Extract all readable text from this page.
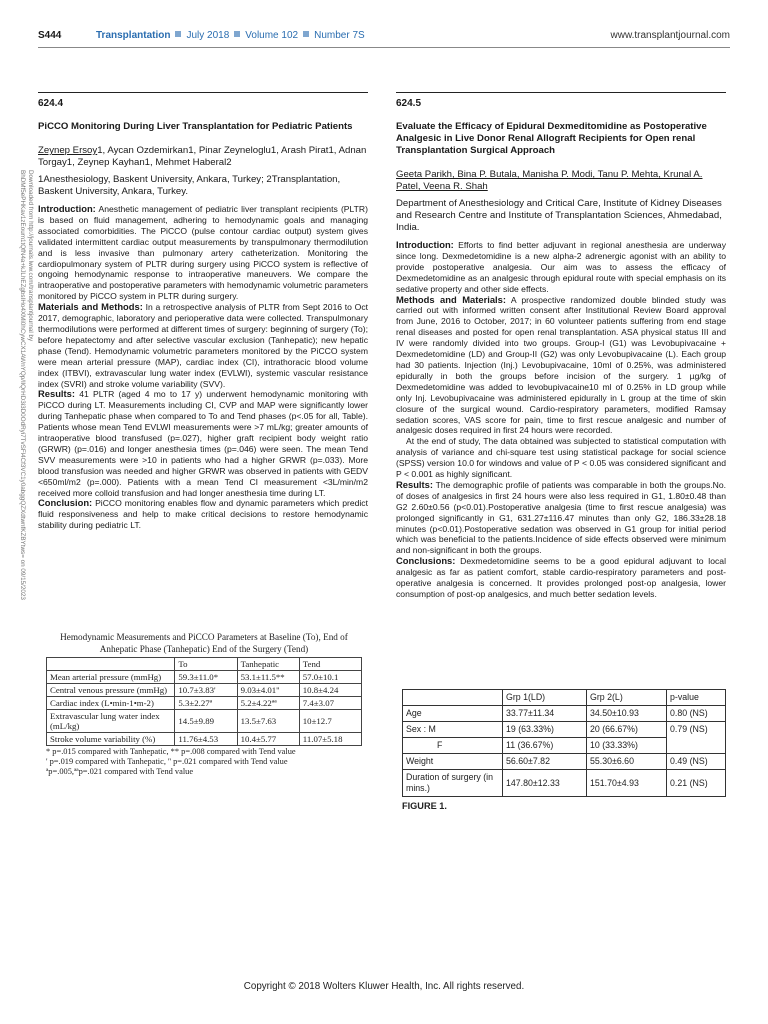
S444	Transplantation July 2018 Volume 102 Number 7S	www.transplantjournal.com
Downloaded from http://journals.lww.com/transplantjournal by BhDMf5ePHKav1zEoum1tQfN4a+kJLhEZgbsIHo4XMi0hCywCX1AWnYQp/IlQrHD3i3D0OdRyi7TvSFl4Cf3VC1y0abggQZXdtwnfKZBYtws= on 09/15/2023
624.4
PiCCO Monitoring During Liver Transplantation for Pediatric Patients
Zeynep Ersoy1, Aycan Ozdemirkan1, Pinar Zeyneloglu1, Arash Pirat1, Adnan Torgay1, Zeynep Kayhan1, Mehmet Haberal2
1Anesthesiology, Baskent University, Ankara, Turkey; 2Transplantation, Baskent University, Ankara, Turkey.

Introduction: Anesthetic management of pediatric liver transplant recipients (PLTR) is based on fluid management, adhering to hemodynamic goals and managing associated comorbidities. The PiCCO (pulse contour cardiac output) system gives validated intermittent cardiac output measurements by transpulmonary thermodilution and is less invasive than pulmonary artery catheterization. Monitoring the cardiopulmonary system of PLTR during surgery using PiCCO system is reflective of ongoing hemodynamic response to intraoperative maneuvers. We compare the intraoperative and postoperative parameters with hemodynamic volumetric parameters monitored by PiCCO system in PLTR during surgery.

Materials and Methods: In a retrospective analysis of PLTR from Sept 2016 to Oct 2017, demographic, laboratory and perioperative data were collected. Transpulmonary thermodilutions were performed at different times of surgery: beginning of surgery (To); before hepatectomy and after selective vascular exclusion (Tanhepatic); new hepatic phase (Tend). Hemodynamic volumetric parameters monitored by the PiCCO system were mean arterial pressure (MAP), cardiac index (CI), intrathoracic blood volume index (ITBVI), extravascular lung water index (EVLWI), systemic vascular resistance index (SVRI) and stroke volume variability (SVV).

Results: 41 PLTR (aged 4 mo to 17 y) underwent hemodynamic monitoring with PiCCO during LT. Measurements including CI, CVP and MAP were significantly lower during Tanhepatic phase when compared to To and Tend phases (p<.05 for all, Table). Patients whose mean Tend EVLWI measurements were >7 mL/kg; greater amounts of intraoperative blood transfused (p=.027), higher graft recipient body weight ratio (GRWR) (p=.016) and longer anesthesia times (p=.046) were seen. The mean Tend SVV measurements were >10 in patients who had a higher GRWR (p=.033). More blood transfusion was needed and higher GRWR was observed in patients with GEDV <650ml/m2 (p=.000). Patients with a mean Tend CI measurement <3L/min/m2 received more colloid transfusion and had longer anesthesia time during LT.

Conclusion: PiCCO monitoring enables flow and dynamic parameters which predict fluid responsiveness and help to make critical decisions to restore hemodynamic stability during pediatric LT.

Hemodynamic Measurements and PiCCO Parameters at Baseline (To), End of Anhepatic Phase (Tanhepatic) End of the Surgery (Tend)
	To	Tanhepatic	Tend
Mean arterial pressure (mmHg)	59.3±11.0*	53.1±11.5**	57.0±10.1
Central venous pressure (mmHg)	10.7±3.83'	9.03±4.01''	10.8±4.24
Cardiac index (L•min-1•m-2)	5.3±2.27ª	5.2±4.22ªª	7.4±3.07
Extravascular lung water index (mL/kg)	14.5±9.89	13.5±7.63	10±12.7
Stroke volume variability (%)	11.76±4.53	10.4±5.77	11.07±5.18
* p=.015 compared with Tanhepatic, ** p=.008 compared with Tend value
' p=.019 compared with Tanhepatic, '' p=.021 compared with Tend value
ªp=.005,ªªp=.021 compared with Tend value
624.5
Evaluate the Efficacy of Epidural Dexmeditomidine as Postoperative Analgesic in Live Donor Renal Allograft Recipients for Open renal Transplantation Surgical Approach
Geeta Parikh, Bina P. Butala, Manisha P. Modi, Tanu P. Mehta, Krunal A. Patel, Veena R. Shah
Department of Anesthesiology and Critical Care, Institute of Kidney Diseases and Research Centre and Institute of Transplantation Sciences, Ahmedabad, India.

Introduction: Efforts to find better adjuvant in regional anesthesia are underway since long. Dexmedetomidine is a new alpha-2 adrenergic agonist with an ability to provide postoperative analgesia. Our aim was to assess the efficacy of Dexmedetomidine as an analgesic through epidural route with special emphasis on its sedative property and other side effects.

Methods and Materials: A prospective randomized double blinded study was carried out with informed written consent after Institutional Review Board approval from June, 2016 to October, 2017; in 60 volunteer patients suffering from end stage renal diseases and posted for open renal transplantation. ASA physical status III and IV were randomly divided into two groups. Group-I (G1) was Levobupivacaine + Dexmedetomidine (LD) and Group-II (G2) was only Levobupivacaine (L). Each group had 30 patients. Injection (Inj.) Levobupivacaine, 10ml of 0.25%, was administered epidurally in both the groups before incision of the surgery. 1 µg/kg of Dexmedetomidine was added to levobupivacaine10 ml of 0.25% in LD group while only Inj. Levobupivacaine was administered epidurally in L group at the time of skin closure of the surgical wound. Cardio-respiratory parameters, modified Ramsay sedation scores, VAS score for pain, time to first rescue analgesic and number of analgesic doses required in first 24 hours were recorded.

At the end of study, The data obtained was subjected to statistical computation with analysis of variance and chi-square test using statistical package for social science (SPSS) version 10.0 for windows and value of P < 0.05 was considered significant and P < 0.001 as highly significant.

Results: The demographic profile of patients was comparable in both the groups.No. of doses of analgesics in first 24 hours were also less required in G1, 1.80±0.48 than G2 2.60±0.56 (p<0.01).Postoperative analgesia (time to first rescue analgesia) was prolonged significantly in G1, 631.27±116.47 minutes than only G2, 186.33±28.18 minutes (p<0.01).Postoperative sedation was observed in G1 group for initial period which was beneficial to the patients.Incidence of side effects observed were minimum and non-significant in both the groups.

Conclusions: Dexmedetomidine seems to be a good epidural adjuvant to local analgesic as far as patient comfort, stable cardio-respiratory parameters and post-operative analgesia is concerned. It provides prolonged post-op analgesia, lower consumption of post-op analgesics, and much better sedation levels.

	Grp 1(LD)	Grp 2(L)	p-value
Age	33.77±11.34	34.50±10.93	0.80 (NS)
Sex : M	19 (63.33%)	20 (66.67%)	0.79 (NS)
F	11 (36.67%)	10 (33.33%)	
Weight	56.60±7.82	55.30±6.60	0.49 (NS)
Duration of surgery (in mins.)	147.80±12.33	151.70±4.93	0.21 (NS)
FIGURE 1.
Copyright © 2018 Wolters Kluwer Health, Inc. All rights reserved.
